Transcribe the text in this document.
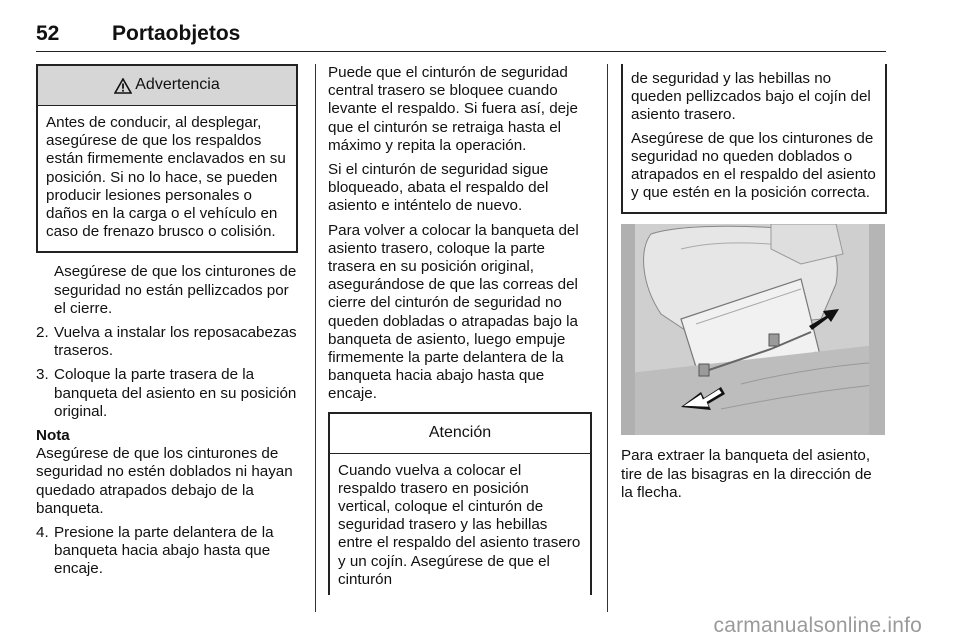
52	Portaobjetos
Advertencia

Antes de conducir, al desplegar, asegúrese de que los respaldos están firmemente enclavados en su posición. Si no lo hace, se pueden producir lesiones personales o daños en la carga o el vehículo en caso de frenazo brusco o colisión.

Asegúrese de que los cinturones de seguridad no están pellizcados por el cierre.

2. Vuelva a instalar los reposacabezas traseros.
3. Coloque la parte trasera de la banqueta del asiento en su posición original.
Nota

Asegúrese de que los cinturones de seguridad no estén doblados ni hayan quedado atrapados debajo de la banqueta.

4. Presione la parte delantera de la banqueta hacia abajo hasta que encaje.

Puede que el cinturón de seguridad central trasero se bloquee cuando levante el respaldo. Si fuera así, deje que el cinturón se retraiga hasta el máximo y repita la operación.

Si el cinturón de seguridad sigue bloqueado, abata el respaldo del asiento e inténtelo de nuevo.

Para volver a colocar la banqueta del asiento trasero, coloque la parte trasera en su posición original, asegurándose de que las correas del cierre del cinturón de seguridad no queden dobladas o atrapadas bajo la banqueta de asiento, luego empuje firmemente la parte delantera de la banqueta hacia abajo hasta que encaje.

Atención

Cuando vuelva a colocar el respaldo trasero en posición vertical, coloque el cinturón de seguridad trasero y las hebillas entre el respaldo del asiento trasero y un cojín. Asegúrese de que el cinturón

de seguridad y las hebillas no queden pellizcados bajo el cojín del asiento trasero.

Asegúrese de que los cinturones de seguridad no queden doblados o atrapados en el respaldo del asiento y que estén en la posición correcta.

Para extraer la banqueta del asiento, tire de las bisagras en la dirección de la flecha.

carmanualsonline.info
